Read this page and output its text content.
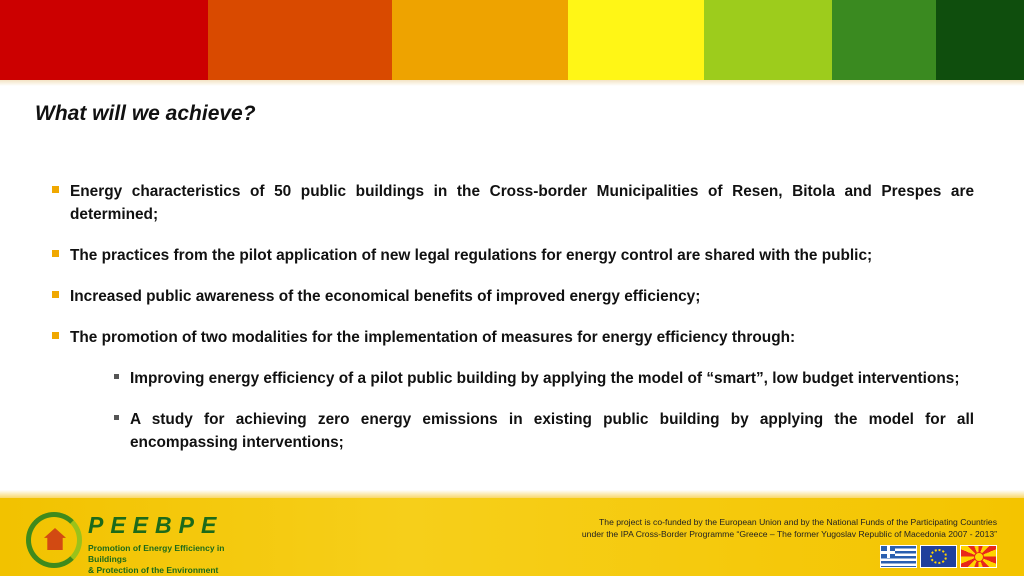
What will we achieve?
Energy characteristics of 50 public buildings in the Cross-border Municipalities of Resen, Bitola and Prespes are determined;
The practices from the pilot application of new legal regulations for energy control are shared with the public;
Increased public awareness of the economical benefits of improved energy efficiency;
The promotion of two modalities for the implementation of measures for energy efficiency through:
Improving energy efficiency of a pilot public building by applying the model of “smart”, low budget interventions;
A study for achieving zero energy emissions in existing public building by applying the model for all encompassing interventions;
PEEBPE
Promotion of Energy Efficiency in Buildings
& Protection of the Environment
The project is co-funded by the European Union and by the National Funds of the Participating Countries
under the IPA Cross-Border Programme “Greece – The former Yugoslav Republic of Macedonia 2007 - 2013”
